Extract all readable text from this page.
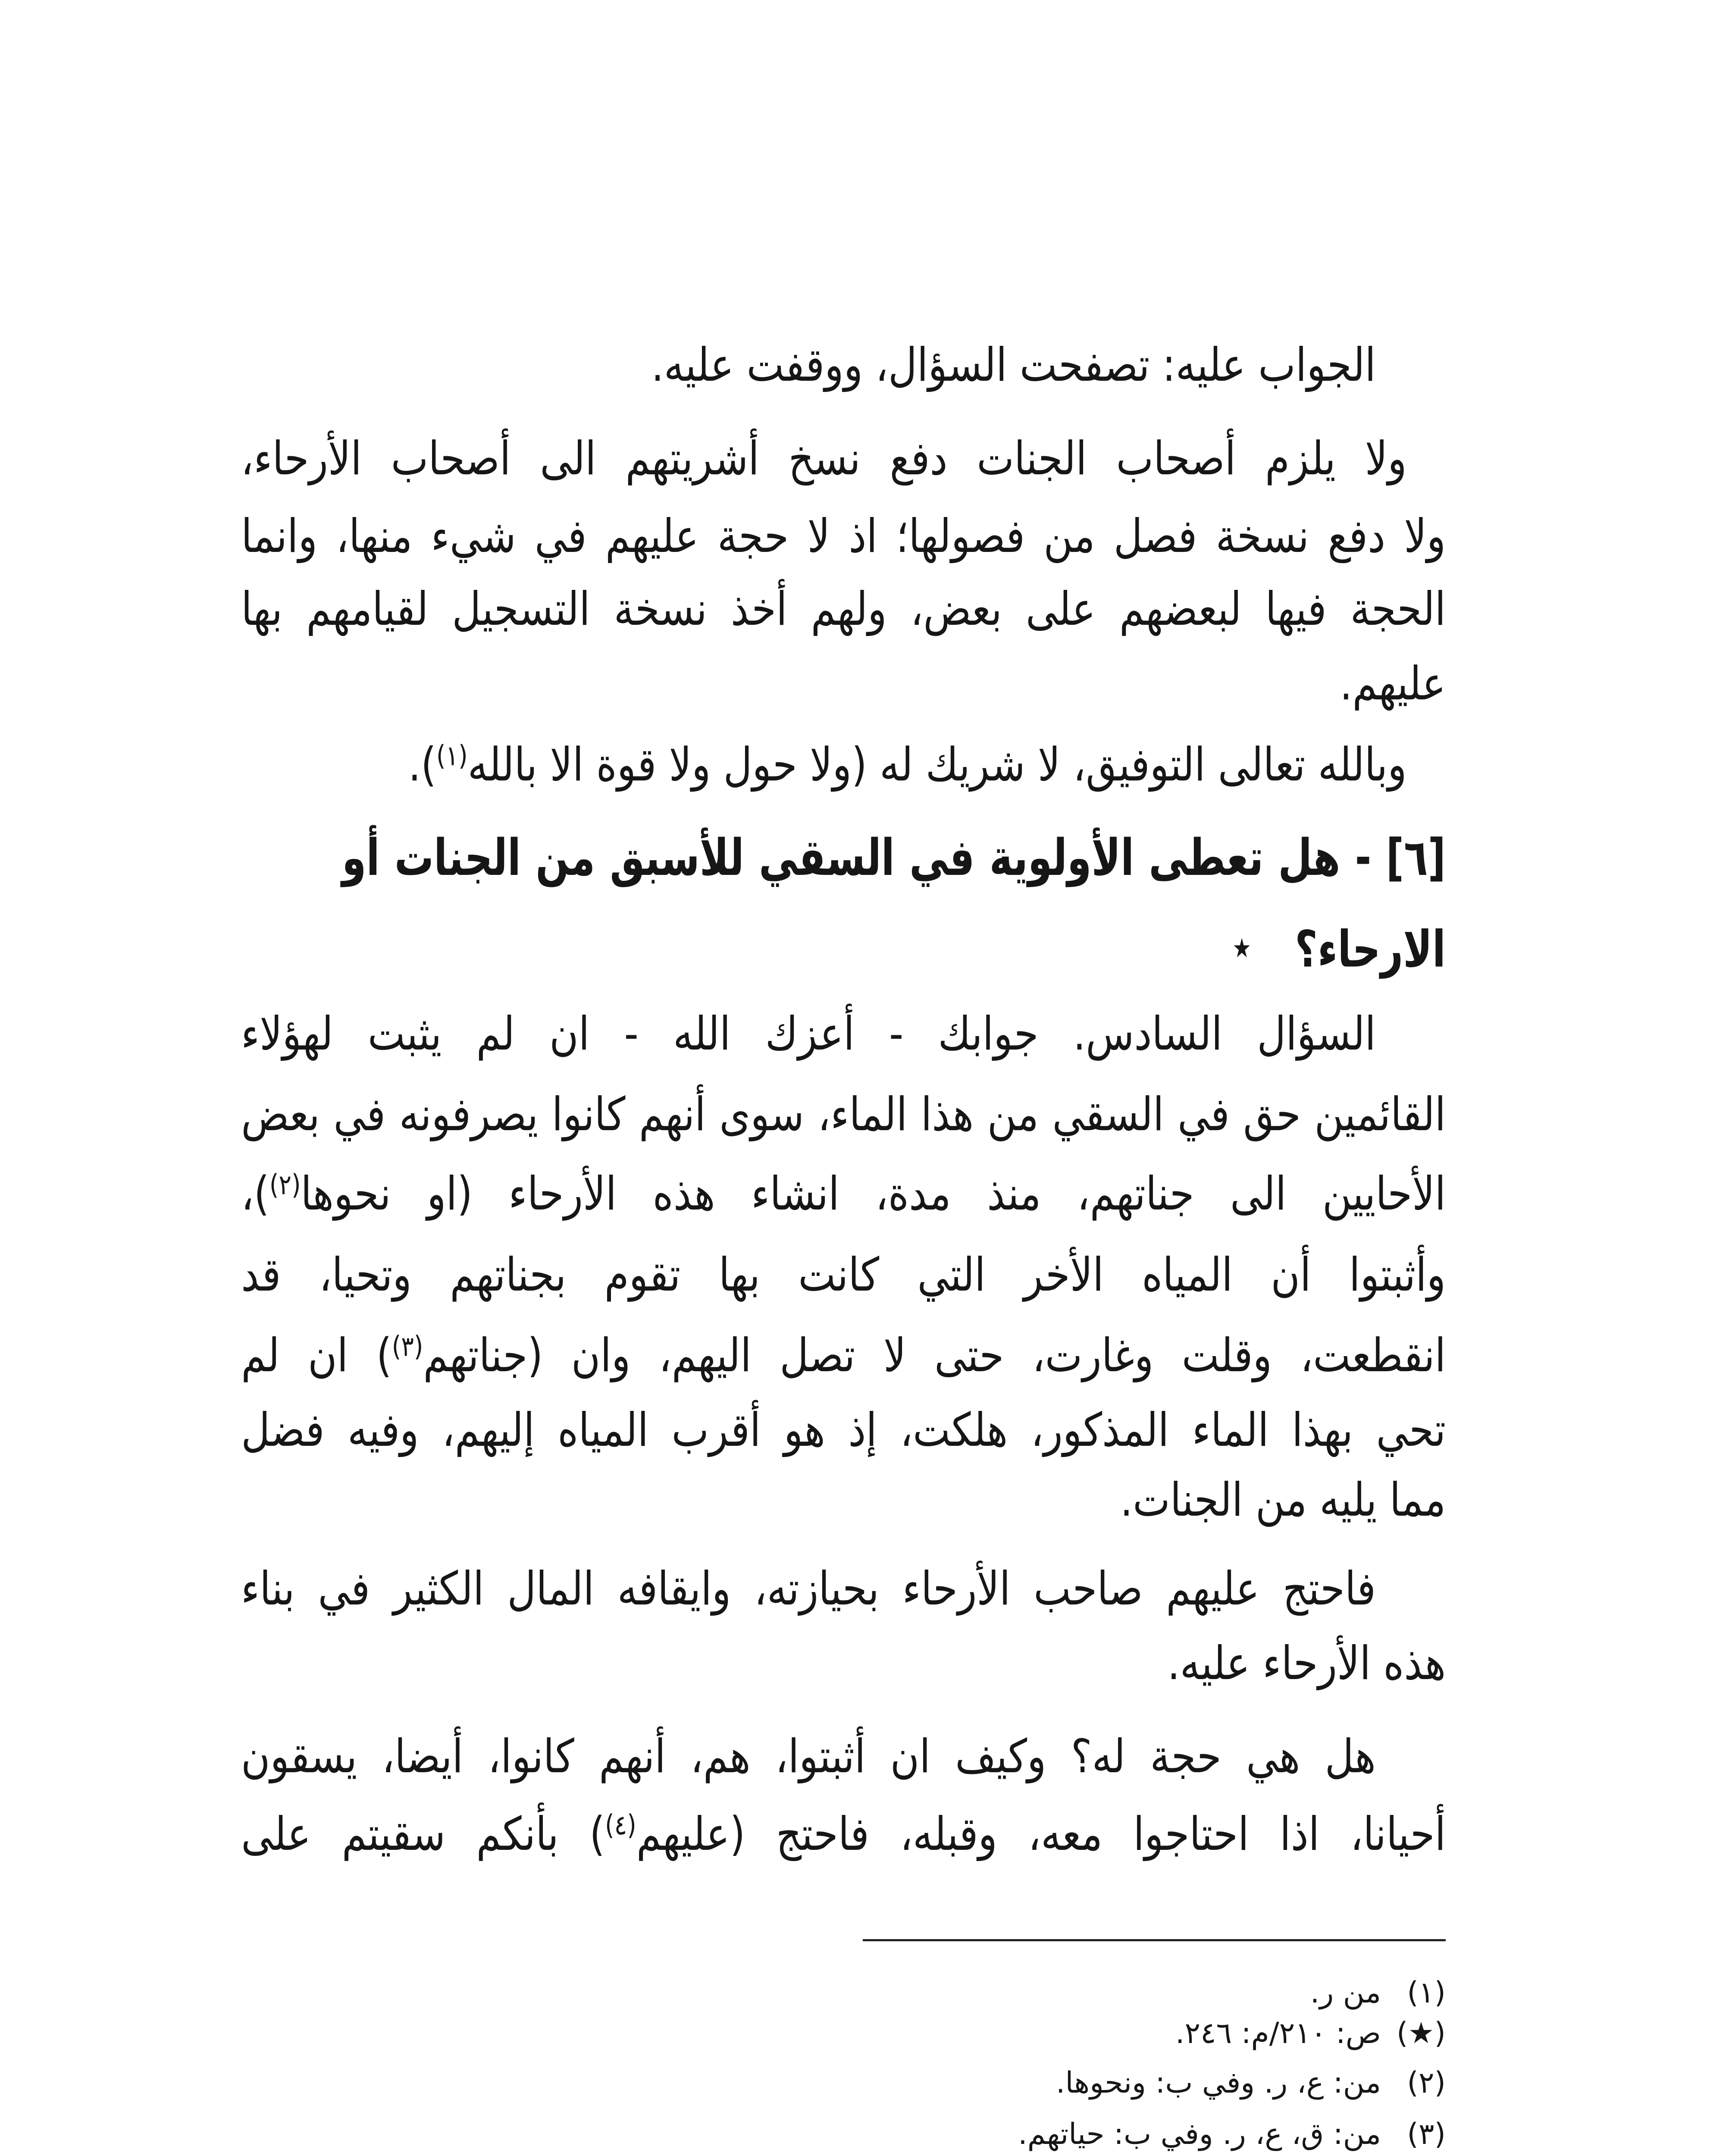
الجواب عليه: تصفحت السؤال، ووقفت عليه.
ولا يلزم أصحاب الجنات دفع نسخ أشريتهم الى أصحاب الأرحاء،
ولا دفع نسخة فصل من فصولها؛ اذ لا حجة عليهم في شيء منها، وانما
الحجة فيها لبعضهم على بعض، ولهم أخذ نسخة التسجيل لقيامهم بها
عليهم.
وبالله تعالى التوفيق، لا شريك له (ولا حول ولا قوة الا بالله$^{(١)}$).
[٦] - هل تعطى الأولوية في السقي للأسبق من الجنات أو
الارحاء؟★
السؤال السادس. جوابك - أعزك الله - ان لم يثبت لهؤلاء
القائمين حق في السقي من هذا الماء، سوى أنهم كانوا يصرفونه في بعض
الأحايين الى جناتهم، منذ مدة، انشاء هذه الأرحاء (او نحوها$^{(٢)}$)،
وأثبتوا أن المياه الأخر التي كانت بها تقوم بجناتهم وتحيا، قد
انقطعت، وقلت وغارت، حتى لا تصل اليهم، وان (جناتهم$^{(٣)}$) ان لم
تحي بهذا الماء المذكور، هلكت، إذ هو أقرب المياه إليهم، وفيه فضل
مما يليه من الجنات.
فاحتج عليهم صاحب الأرحاء بحيازته، وايقافه المال الكثير في بناء
هذه الأرحاء عليه.
هل هي حجة له؟ وكيف ان أثبتوا، هم، أنهم كانوا، أيضا، يسقون
أحيانا، اذا احتاجوا معه، وقبله، فاحتج (عليهم$^{(٤)}$) بأنكم سقيتم على
(١)من ر.
(★)ص: ٢١٠/م: ٢٤٦.
(٢)من: ع، ر. وفي ب: ونحوها.
(٣)من: ق، ع، ر. وفي ب: حياتهم.
